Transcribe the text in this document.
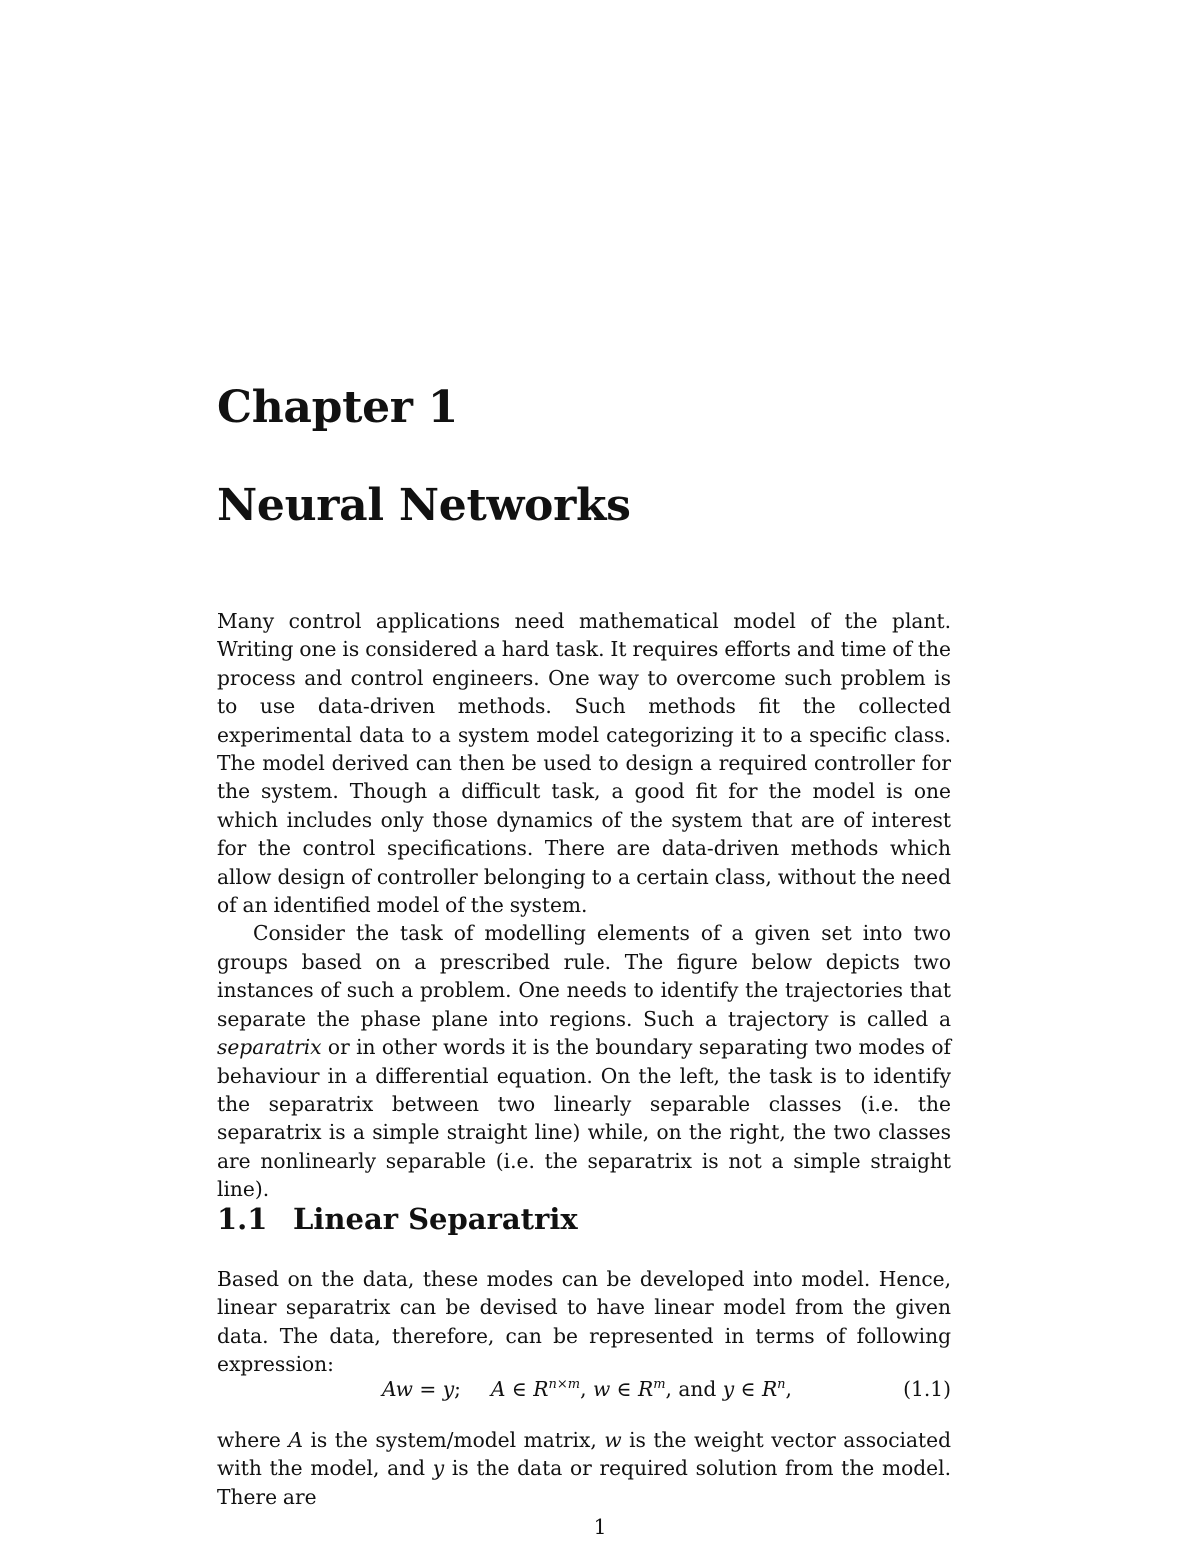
Chapter 1
Neural Networks

Many control applications need mathematical model of the plant. Writing one is considered a hard task. It requires efforts and time of the process and control engineers. One way to overcome such problem is to use data-driven methods. Such methods fit the collected experimental data to a system model categorizing it to a specific class. The model derived can then be used to design a required controller for the system. Though a difficult task, a good fit for the model is one which includes only those dynamics of the system that are of interest for the control specifications. There are data-driven methods which allow design of controller belonging to a certain class, without the need of an identified model of the system.

Consider the task of modelling elements of a given set into two groups based on a prescribed rule. The figure below depicts two instances of such a problem. One needs to identify the trajectories that separate the phase plane into regions. Such a trajectory is called a separatrix or in other words it is the boundary separating two modes of behaviour in a differential equation. On the left, the task is to identify the separatrix between two linearly separable classes (i.e. the separatrix is a simple straight line) while, on the right, the two classes are nonlinearly separable (i.e. the separatrix is not a simple straight line).

1.1 Linear Separatrix

Based on the data, these modes can be developed into model. Hence, linear separatrix can be devised to have linear model from the given data. The data, therefore, can be represented in terms of following expression:

Aw = y; A ∈ $R^{n\times m}$, w ∈ $R^m$, and y ∈ $R^n$,	(1.1)

where A is the system/model matrix, w is the weight vector associated with the model, and y is the data or required solution from the model. There are

1
